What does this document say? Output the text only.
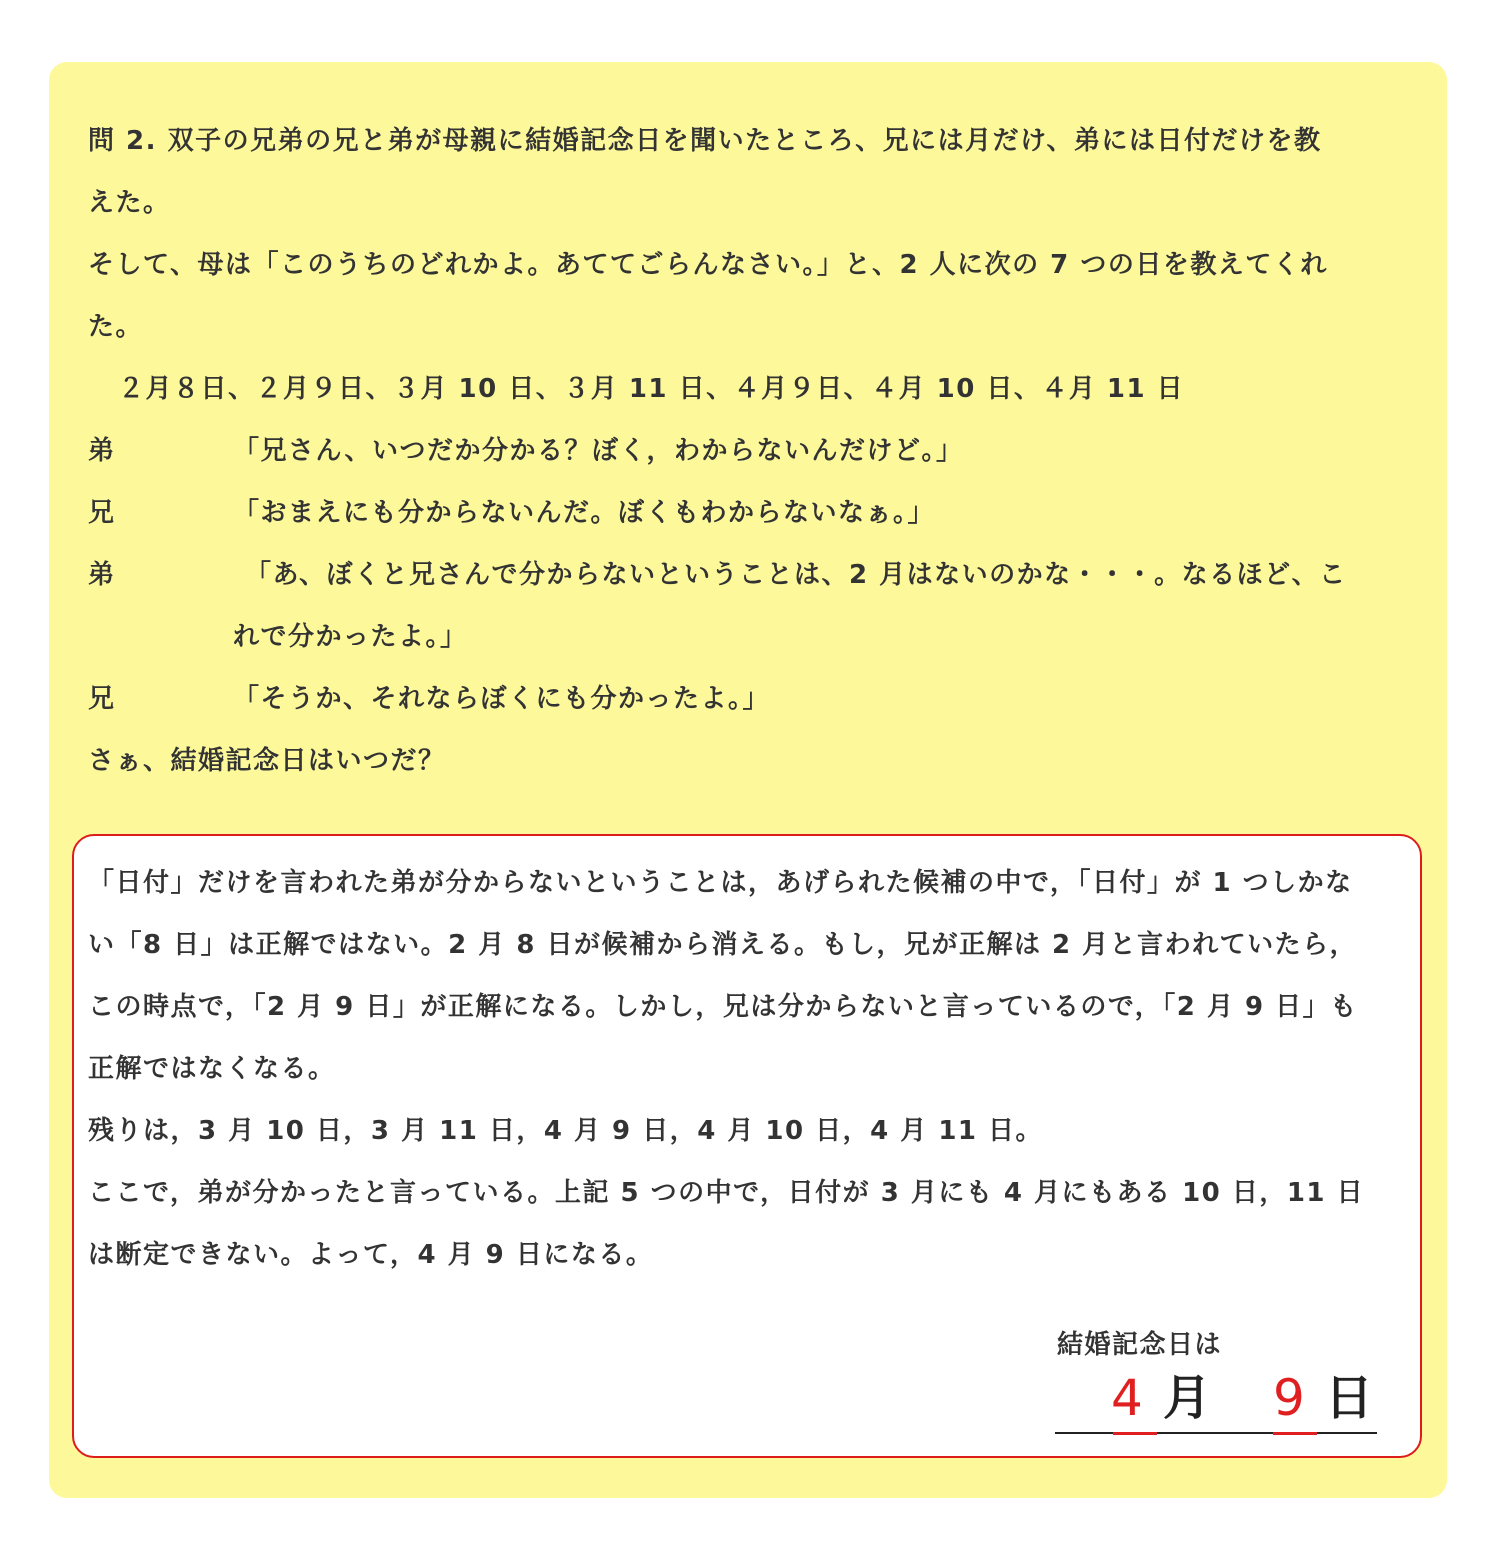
問 2. 双子の兄弟の兄と弟が母親に結婚記念日を聞いたところ、兄には月だけ、弟には日付だけを教

えた。

そして、母は「このうちのどれかよ。あててごらんなさい。」と、2 人に次の 7 つの日を教えてくれ

た。

２月８日、２月９日、３月 10 日、３月 11 日、４月９日、４月 10 日、４月 11 日

弟	「兄さん、いつだか分かる？ぼく，わからないんだけど。」
兄	「おまえにも分からないんだ。ぼくもわからないなぁ。」
弟	「あ、ぼくと兄さんで分からないということは、2 月はないのかな・・・。なるほど、こ
れで分かったよ。」
兄	「そうか、それならぼくにも分かったよ。」

さぁ、結婚記念日はいつだ？

「日付」だけを言われた弟が分からないということは，あげられた候補の中で，「日付」が 1 つしかな

い「8 日」は正解ではない。2 月 8 日が候補から消える。もし，兄が正解は 2 月と言われていたら，

この時点で，「2 月 9 日」が正解になる。しかし，兄は分からないと言っているので，「2 月 9 日」も

正解ではなくなる。

残りは，3 月 10 日，3 月 11 日，4 月 9 日，4 月 10 日，4 月 11 日。

ここで，弟が分かったと言っている。上記 5 つの中で，日付が 3 月にも 4 月にもある 10 日，11 日

は断定できない。よって，4 月 9 日になる。

結婚記念日は
4 月 9 日
